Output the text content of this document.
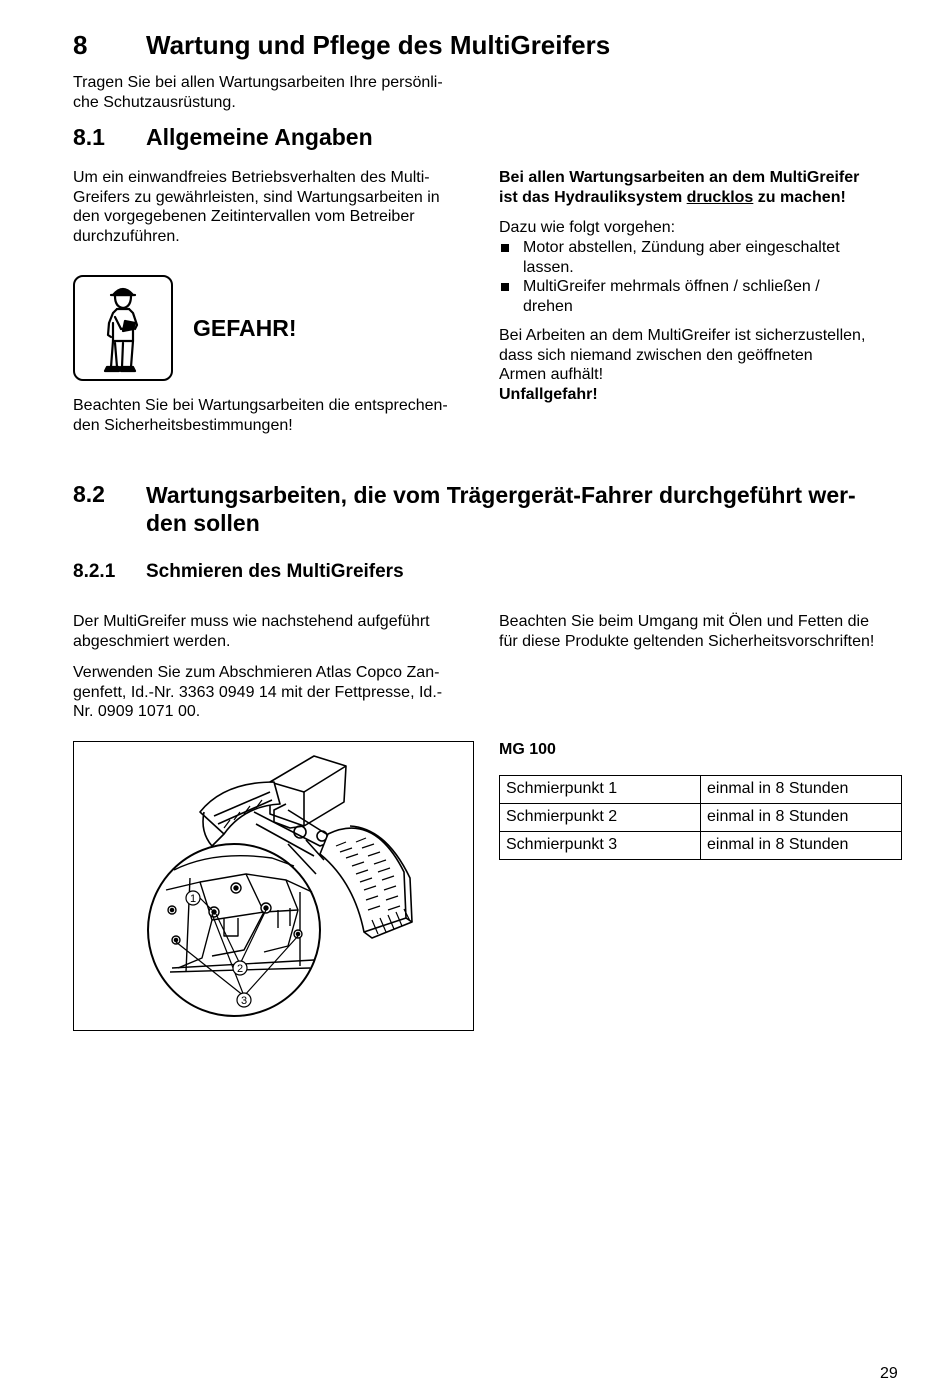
8 Wartung und Pflege des MultiGreifers
Tragen Sie bei allen Wartungsarbeiten Ihre persönli-
che Schutzausrüstung.
8.1 Allgemeine Angaben
Um ein einwandfreies Betriebsverhalten des Multi-
Greifers zu gewährleisten, sind Wartungsarbeiten in
den vorgegebenen Zeitintervallen vom Betreiber
durchzuführen.
GEFAHR!
Beachten Sie bei Wartungsarbeiten die entsprechen-
den Sicherheitsbestimmungen!
Bei allen Wartungsarbeiten an dem MultiGreifer
ist das Hydrauliksystem drucklos zu machen!
Dazu wie folgt vorgehen:
Motor abstellen, Zündung aber eingeschaltet
lassen.
MultiGreifer mehrmals öffnen / schließen /
drehen
Bei Arbeiten an dem MultiGreifer ist sicherzustellen,
dass sich niemand zwischen den geöffneten
Armen aufhält!
Unfallgefahr!
8.2 Wartungsarbeiten, die vom Trägergerät-Fahrer durchgeführt wer-
den sollen
8.2.1 Schmieren des MultiGreifers
Der MultiGreifer muss wie nachstehend aufgeführt
abgeschmiert werden.
Verwenden Sie zum Abschmieren Atlas Copco Zan-
genfett, Id.-Nr. 3363 0949 14 mit der Fettpresse, Id.-
Nr. 0909 1071 00.
Beachten Sie beim Umgang mit Ölen und Fetten die
für diese Produkte geltenden Sicherheitsvorschriften!
1
2
3
MG 100
Schmierpunkt 1	einmal in 8 Stunden
Schmierpunkt 2	einmal in 8 Stunden
Schmierpunkt 3	einmal in 8 Stunden
29
